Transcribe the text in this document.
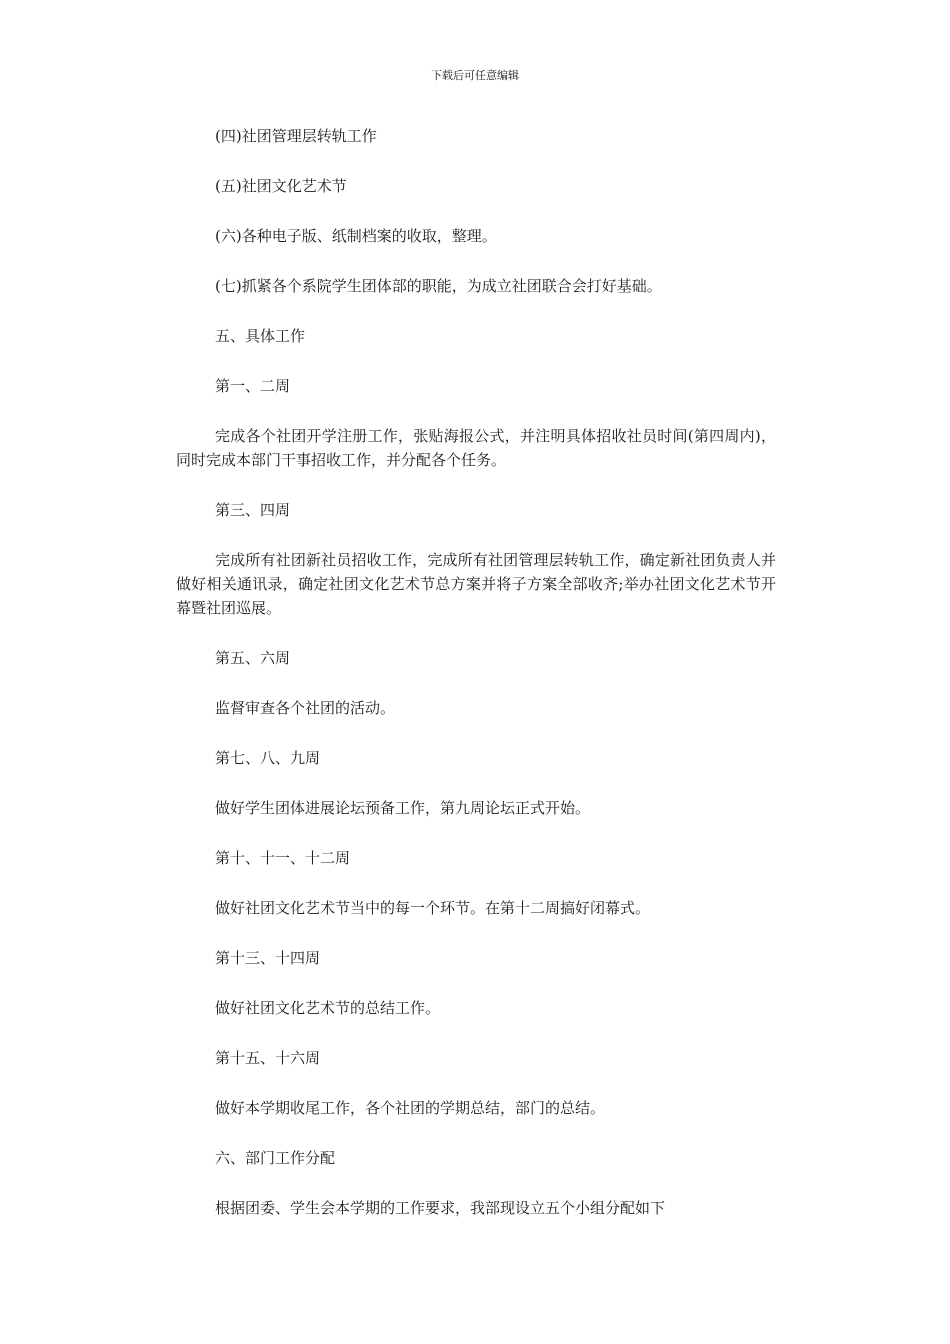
下载后可任意编辑

(四)社团管理层转轨工作

(五)社团文化艺术节

(六)各种电子版、纸制档案的收取，整理。

(七)抓紧各个系院学生团体部的职能，为成立社团联合会打好基础。

五、具体工作

第一、二周

完成各个社团开学注册工作，张贴海报公式，并注明具体招收社员时间(第四周内)，同时完成本部门干事招收工作，并分配各个任务。

第三、四周

完成所有社团新社员招收工作，完成所有社团管理层转轨工作，确定新社团负责人并做好相关通讯录，确定社团文化艺术节总方案并将子方案全部收齐;举办社团文化艺术节开幕暨社团巡展。

第五、六周

监督审查各个社团的活动。

第七、八、九周

做好学生团体进展论坛预备工作，第九周论坛正式开始。

第十、十一、十二周

做好社团文化艺术节当中的每一个环节。在第十二周搞好闭幕式。

第十三、十四周

做好社团文化艺术节的总结工作。

第十五、十六周

做好本学期收尾工作，各个社团的学期总结，部门的总结。

六、部门工作分配

根据团委、学生会本学期的工作要求，我部现设立五个小组分配如下
